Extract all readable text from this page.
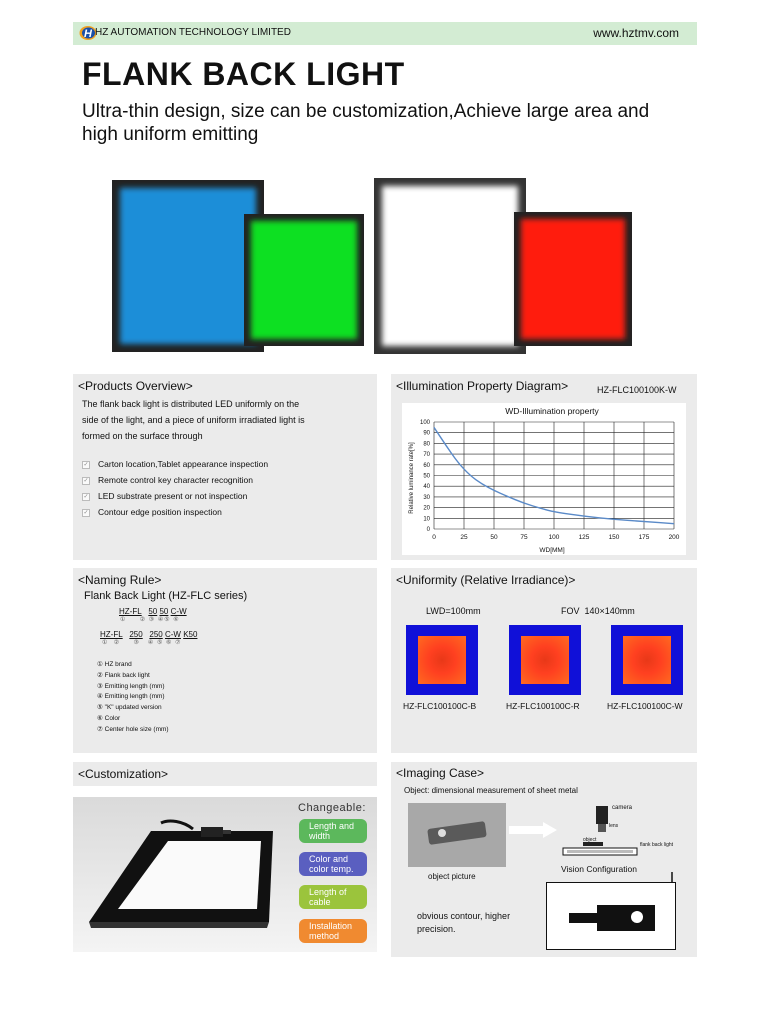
H HZ AUTOMATION TECHNOLOGY LIMITED	www.hztmv.com
FLANK BACK LIGHT
Ultra-thin design, size can be customization,Achieve large area and high uniform emitting
<Products Overview>
The flank back light is distributed LED uniformly on the
side of the light, and a piece of uniform irradiated light is
formed on the surface through
✓ Carton location,Tablet appearance inspection
✓ Remote control key character recognition
✓ LED substrate present or not inspection
✓ Contour edge position inspection
<Illumination Property Diagram>	HZ-FLC100100K-W
WD-Illumination property
Relative luminance rate[%]
WD[MM]
0	25	50	75	100	125	150	175	200
0
10
20
30
40
50
60
70
80
90
100
<Naming Rule>
Flank Back Light (HZ-FLC series)
HZ-FL 50 50 C-W
① ② ③ ④⑤ ⑥
HZ-FL 250 250 C-W K50
① ② ③ ④ ⑤ ⑥ ⑦
① HZ brand
② Flank back light
③ Emitting length (mm)
④ Emitting length (mm)
⑤ "K" updated version
⑥ Color
⑦ Center hole size (mm)
<Uniformity (Relative Irradiance)>
LWD=100mm	FOV  140×140mm
HZ-FLC100100C-B	HZ-FLC100100C-R	HZ-FLC100100C-W
<Customization>
Changeable:
Length and width
Color and color temp.
Length of cable
Installation method
<Imaging Case>
Object: dimensional measurement of sheet metal
object picture
camera
lens
object
flank back light
Vision Configuration
obvious contour, higher precision.
